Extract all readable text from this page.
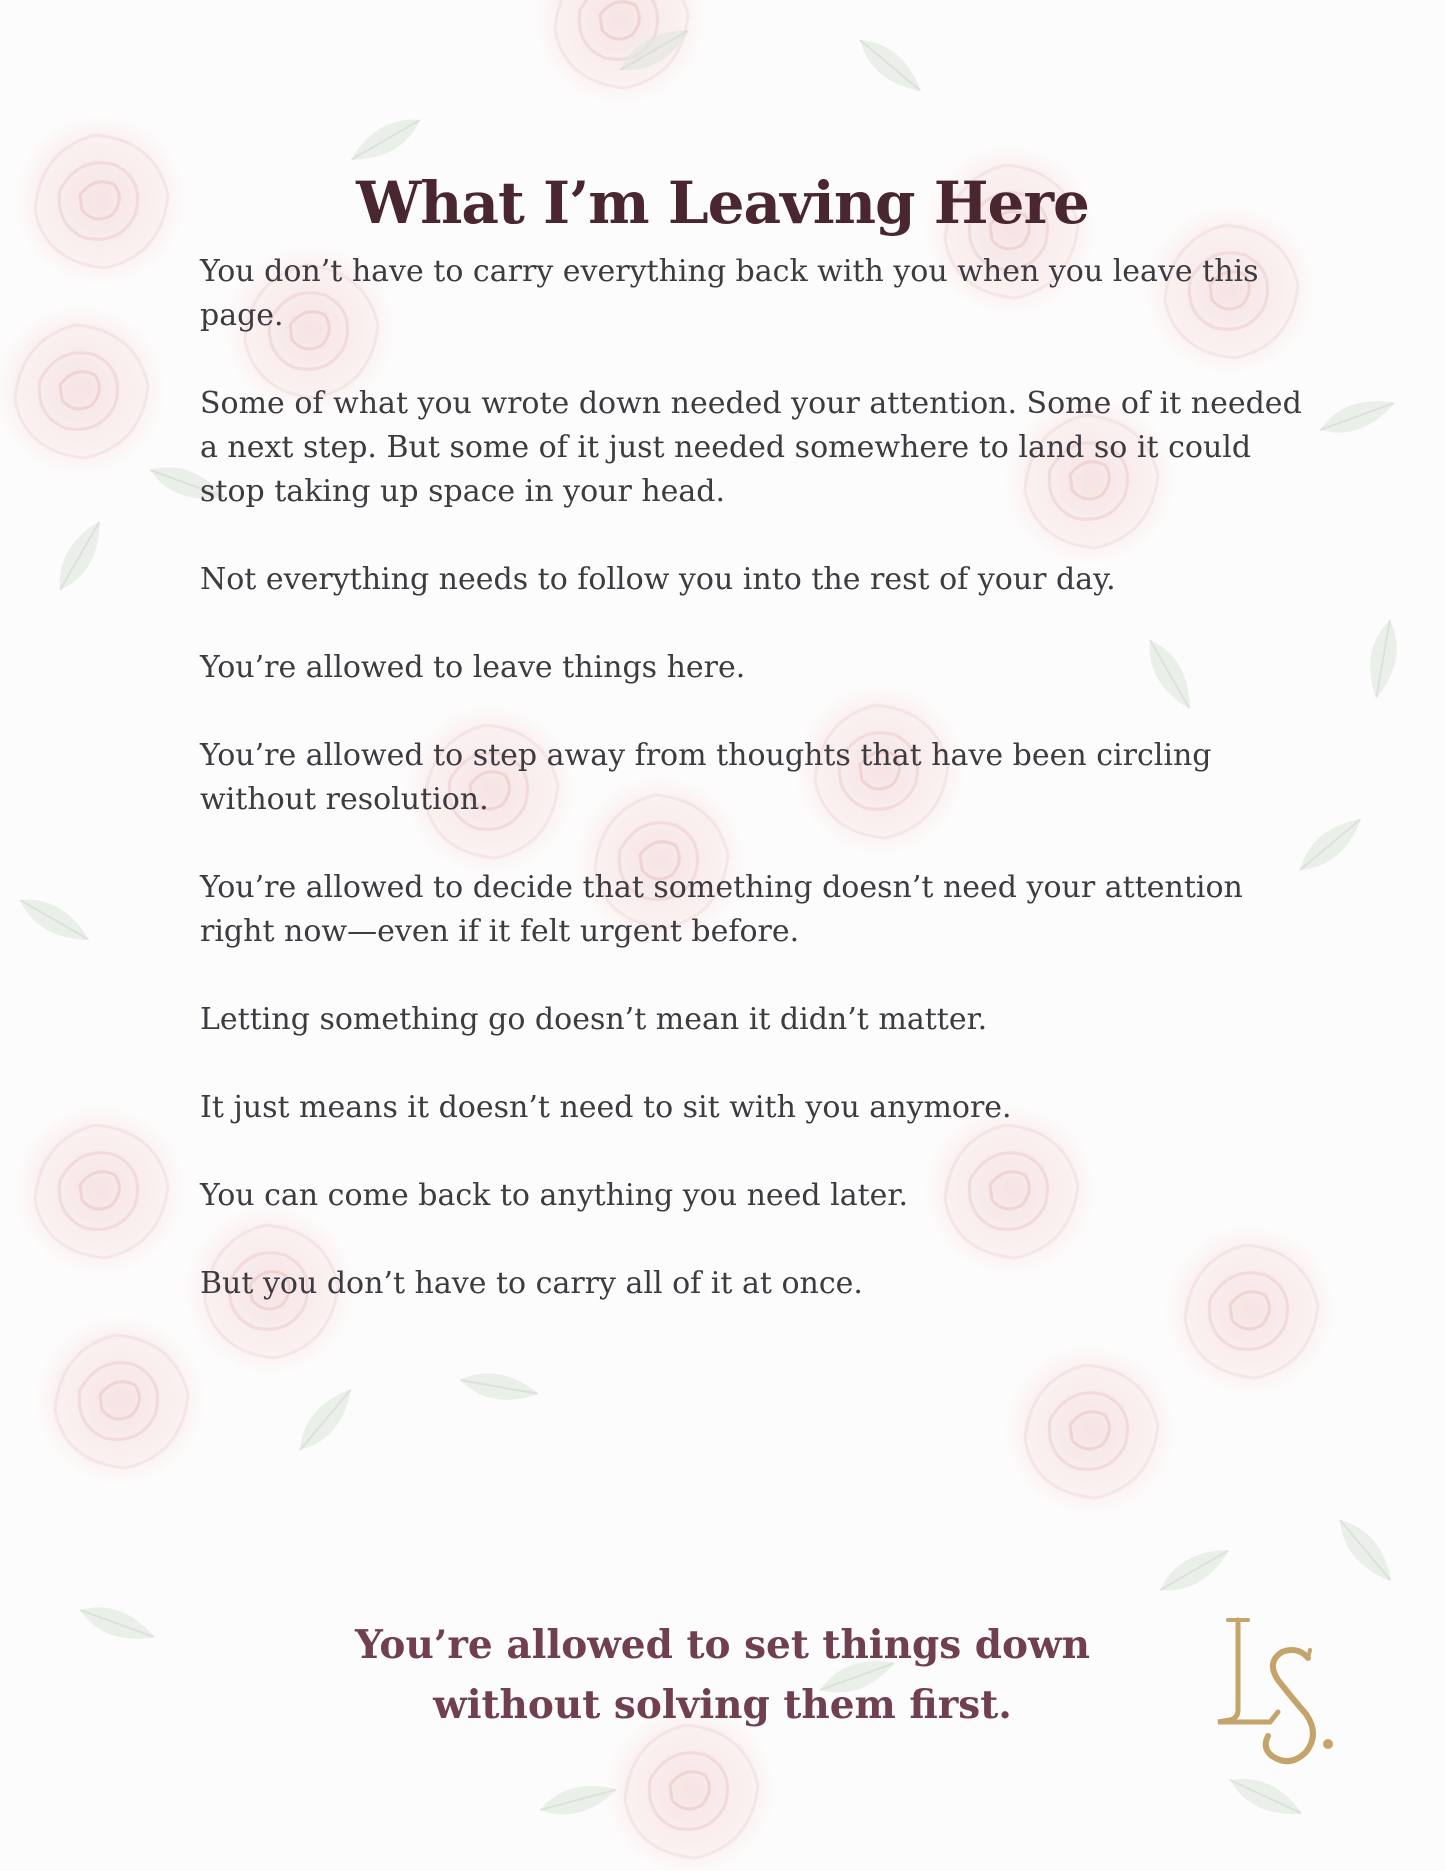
What I’m Leaving Here

You don’t have to carry everything back with you when you leave this page.

Some of what you wrote down needed your attention. Some of it needed a next step. But some of it just needed somewhere to land so it could stop taking up space in your head.

Not everything needs to follow you into the rest of your day.

You’re allowed to leave things here.

You’re allowed to step away from thoughts that have been circling without resolution.

You’re allowed to decide that something doesn’t need your attention right now—even if it felt urgent before.

Letting something go doesn’t mean it didn’t matter.

It just means it doesn’t need to sit with you anymore.

You can come back to anything you need later.

But you don’t have to carry all of it at once.

You’re allowed to set things down
without solving them first.
